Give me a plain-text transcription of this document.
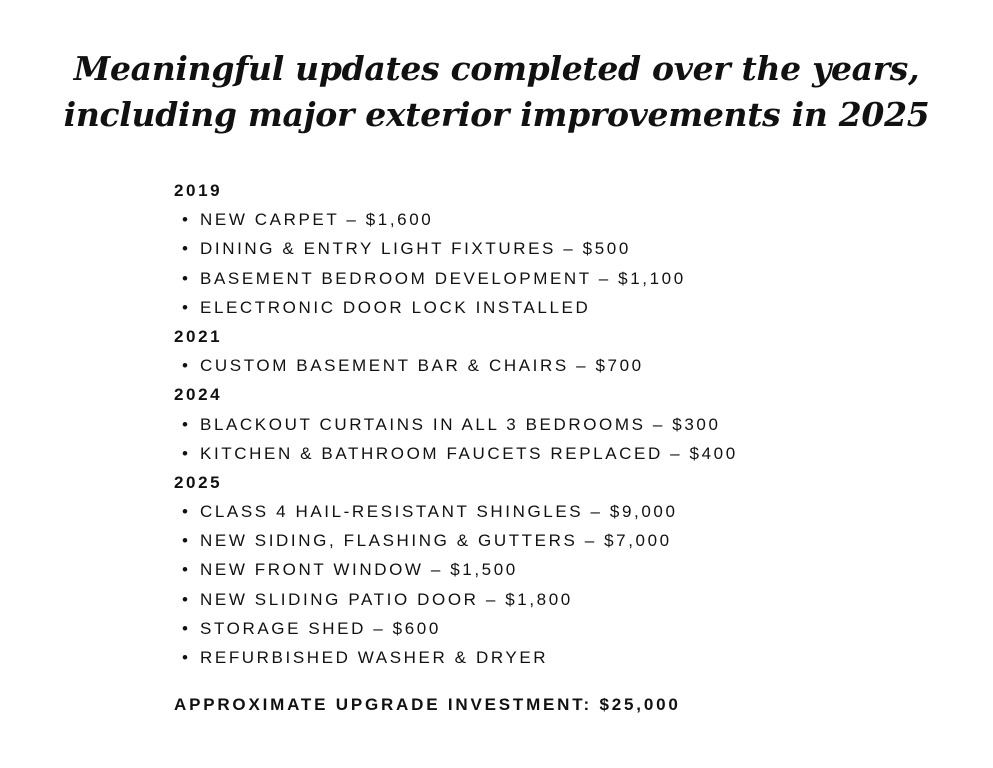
Meaningful updates completed over the years,
including major exterior improvements in 2025
2019
• NEW CARPET – $1,600
• DINING & ENTRY LIGHT FIXTURES – $500
• BASEMENT BEDROOM DEVELOPMENT – $1,100
• ELECTRONIC DOOR LOCK INSTALLED
2021
• CUSTOM BASEMENT BAR & CHAIRS – $700
2024
• BLACKOUT CURTAINS IN ALL 3 BEDROOMS – $300
• KITCHEN & BATHROOM FAUCETS REPLACED – $400
2025
• CLASS 4 HAIL-RESISTANT SHINGLES – $9,000
• NEW SIDING, FLASHING & GUTTERS – $7,000
• NEW FRONT WINDOW – $1,500
• NEW SLIDING PATIO DOOR – $1,800
• STORAGE SHED – $600
• REFURBISHED WASHER & DRYER
APPROXIMATE UPGRADE INVESTMENT: $25,000
